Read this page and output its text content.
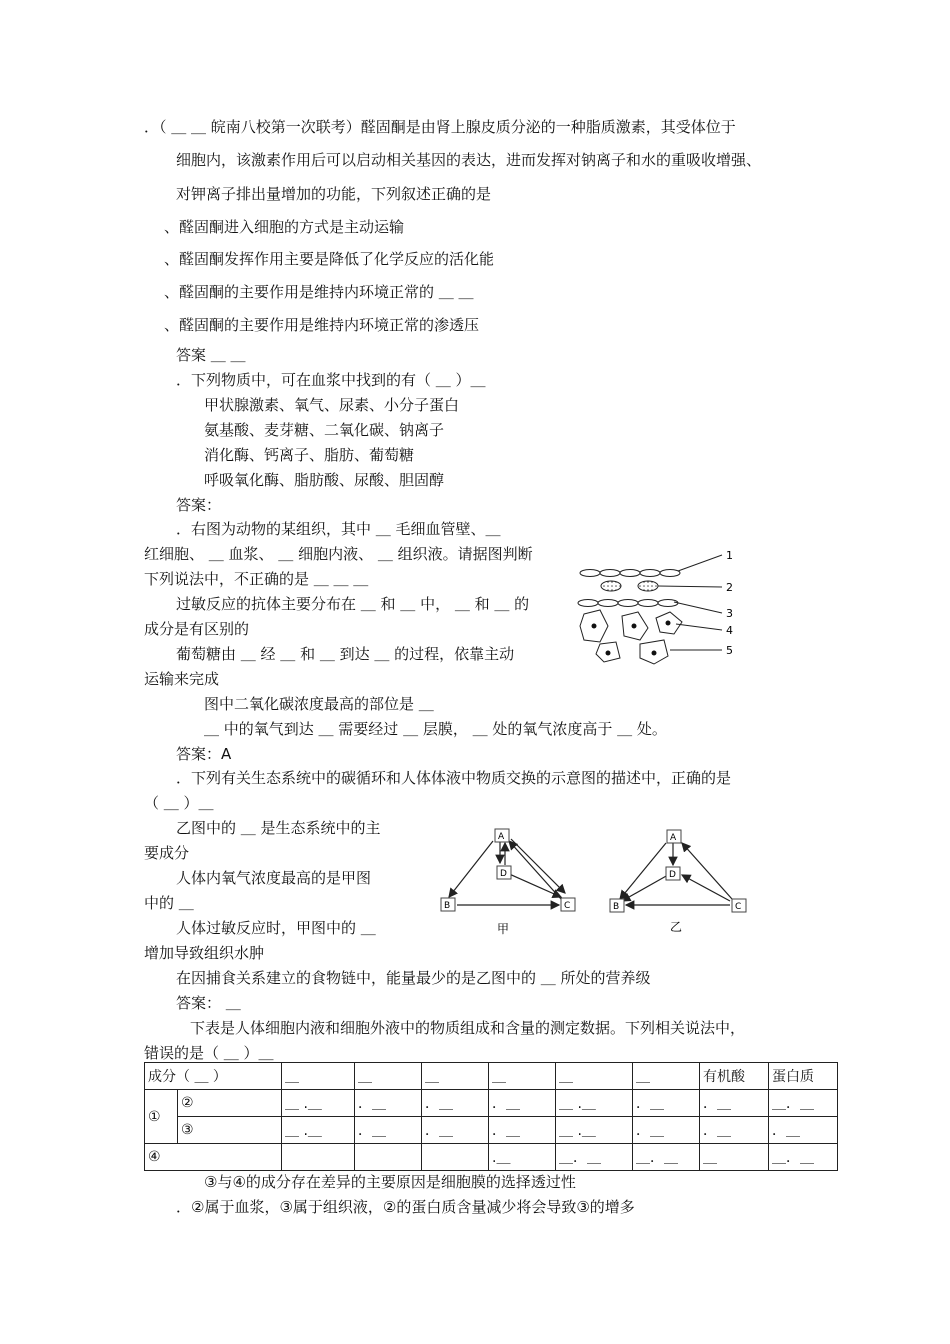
．（ ＿ ＿ 皖南八校第一次联考）醛固酮是由肾上腺皮质分泌的一种脂质激素，其受体位于
细胞内，该激素作用后可以启动相关基因的表达，进而发挥对钠离子和水的重吸收增强、
对钾离子排出量增加的功能，下列叙述正确的是
、醛固酮进入细胞的方式是主动运输
、醛固酮发挥作用主要是降低了化学反应的活化能
、醛固酮的主要作用是维持内环境正常的 ＿ ＿
、醛固酮的主要作用是维持内环境正常的渗透压
答案 ＿ ＿
．下列物质中，可在血浆中找到的有（ ＿ ）＿
甲状腺激素、氧气、尿素、小分子蛋白
氨基酸、麦芽糖、二氧化碳、钠离子
消化酶、钙离子、脂肪、葡萄糖
呼吸氧化酶、脂肪酸、尿酸、胆固醇
答案：
．右图为动物的某组织，其中 ＿ 毛细血管壁、＿
红细胞、 ＿ 血浆、 ＿ 细胞内液、 ＿ 组织液。请据图判断
下列说法中，不正确的是 ＿ ＿ ＿
过敏反应的抗体主要分布在 ＿ 和 ＿ 中， ＿ 和 ＿ 的
成分是有区别的
葡萄糖由 ＿ 经 ＿ 和 ＿ 到达 ＿ 的过程，依靠主动
运输来完成
图中二氧化碳浓度最高的部位是 ＿
＿ 中的氧气到达 ＿ 需要经过 ＿ 层膜， ＿ 处的氧气浓度高于 ＿ 处。
答案：A
1
2
3
4
5
．下列有关生态系统中的碳循环和人体体液中物质交换的示意图的描述中，正确的是
（ ＿ ）＿
乙图中的 ＿ 是生态系统中的主
要成分
人体内氧气浓度最高的是甲图
中的 ＿
人体过敏反应时，甲图中的 ＿
增加导致组织水肿
在因捕食关系建立的食物链中，能量最少的是乙图中的 ＿ 所处的营养级
答案： ＿
A
D
B	C
甲
A
D
B	C
乙
下表是人体细胞内液和细胞外液中的物质组成和含量的测定数据。下列相关说法中，
错误的是（ ＿ ）＿
成分（ ＿ ）		＿	＿	＿	＿	＿	＿	有机酸	蛋白质
①	②	＿ .＿	．＿	．＿	．＿	＿ .＿	．＿	．＿	＿．＿
	③	＿ .＿	．＿	．＿	．＿	＿ .＿	．＿	．＿	．＿
④					.＿	＿．＿	＿．＿	＿	＿．＿
③与④的成分存在差异的主要原因是细胞膜的选择透过性
．②属于血浆，③属于组织液，②的蛋白质含量减少将会导致③的增多
